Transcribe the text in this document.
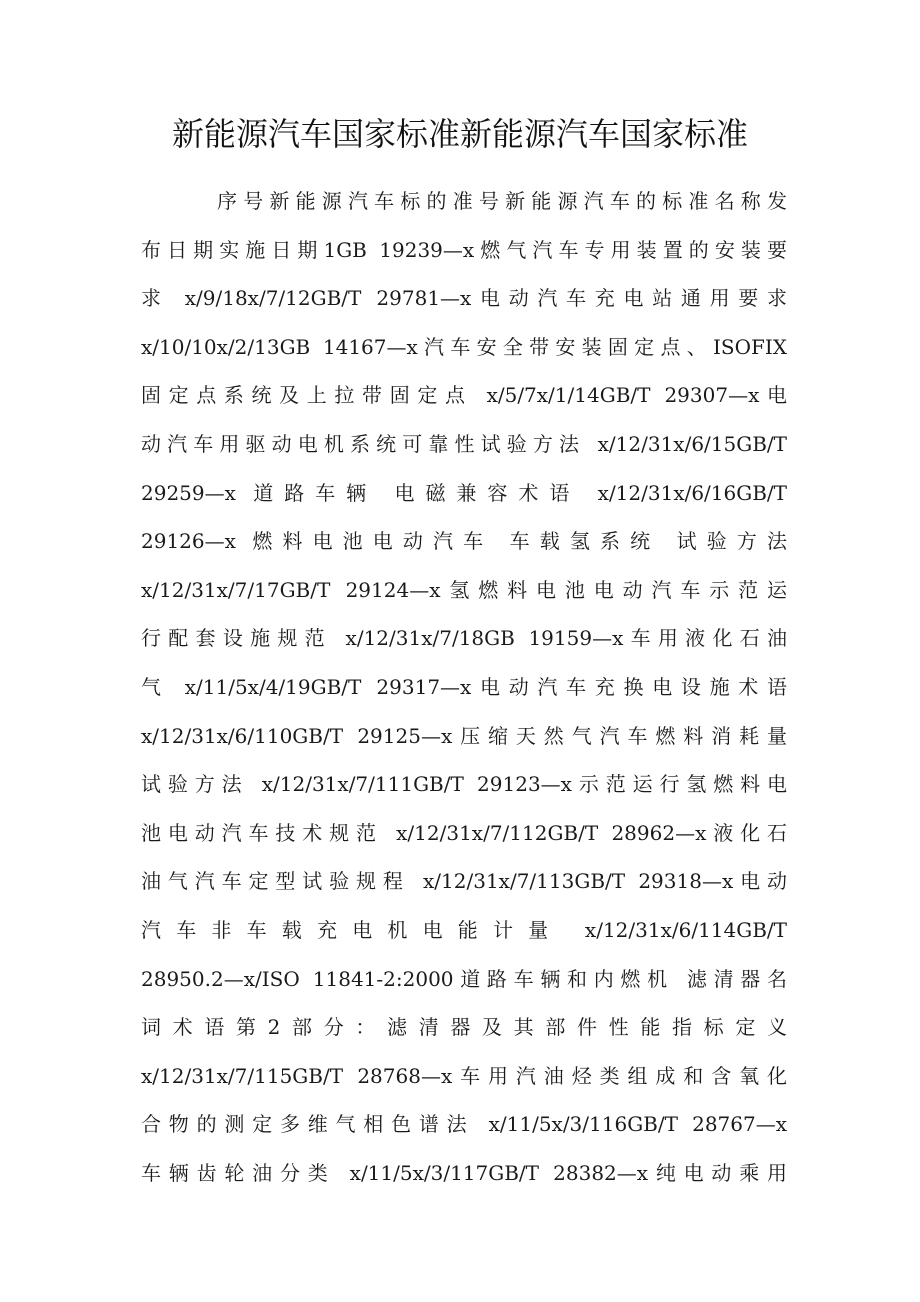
新能源汽车国家标准新能源汽车国家标准
序号新能源汽车标的准号新能源汽车的标准名称发
布日期实施日期1GB 19239—x燃气汽车专用装置的安装要
求 x/9/18x/7/12GB/T 29781—x电动汽车充电站通用要求
x/10/10x/2/13GB 14167—x汽车安全带安装固定点、ISOFIX
固定点系统及上拉带固定点 x/5/7x/1/14GB/T 29307—x电
动汽车用驱动电机系统可靠性试验方法 x/12/31x/6/15GB/T
29259—x 道路车辆 电磁兼容术语 x/12/31x/6/16GB/T
29126—x 燃料电池电动汽车 车载氢系统 试验方法
x/12/31x/7/17GB/T 29124—x氢燃料电池电动汽车示范运
行配套设施规范 x/12/31x/7/18GB 19159—x车用液化石油
气 x/11/5x/4/19GB/T 29317—x电动汽车充换电设施术语
x/12/31x/6/110GB/T 29125—x压缩天然气汽车燃料消耗量
试验方法 x/12/31x/7/111GB/T 29123—x示范运行氢燃料电
池电动汽车技术规范 x/12/31x/7/112GB/T 28962—x液化石
油气汽车定型试验规程 x/12/31x/7/113GB/T 29318—x电动
汽车非车载充电机电能计量 x/12/31x/6/114GB/T
28950.2—x/ISO 11841-2:2000道路车辆和内燃机 滤清器名
词术语第2部分：滤清器及其部件性能指标定义
x/12/31x/7/115GB/T 28768—x车用汽油烃类组成和含氧化
合物的测定多维气相色谱法 x/11/5x/3/116GB/T 28767—x
车辆齿轮油分类 x/11/5x/3/117GB/T 28382—x纯电动乘用
